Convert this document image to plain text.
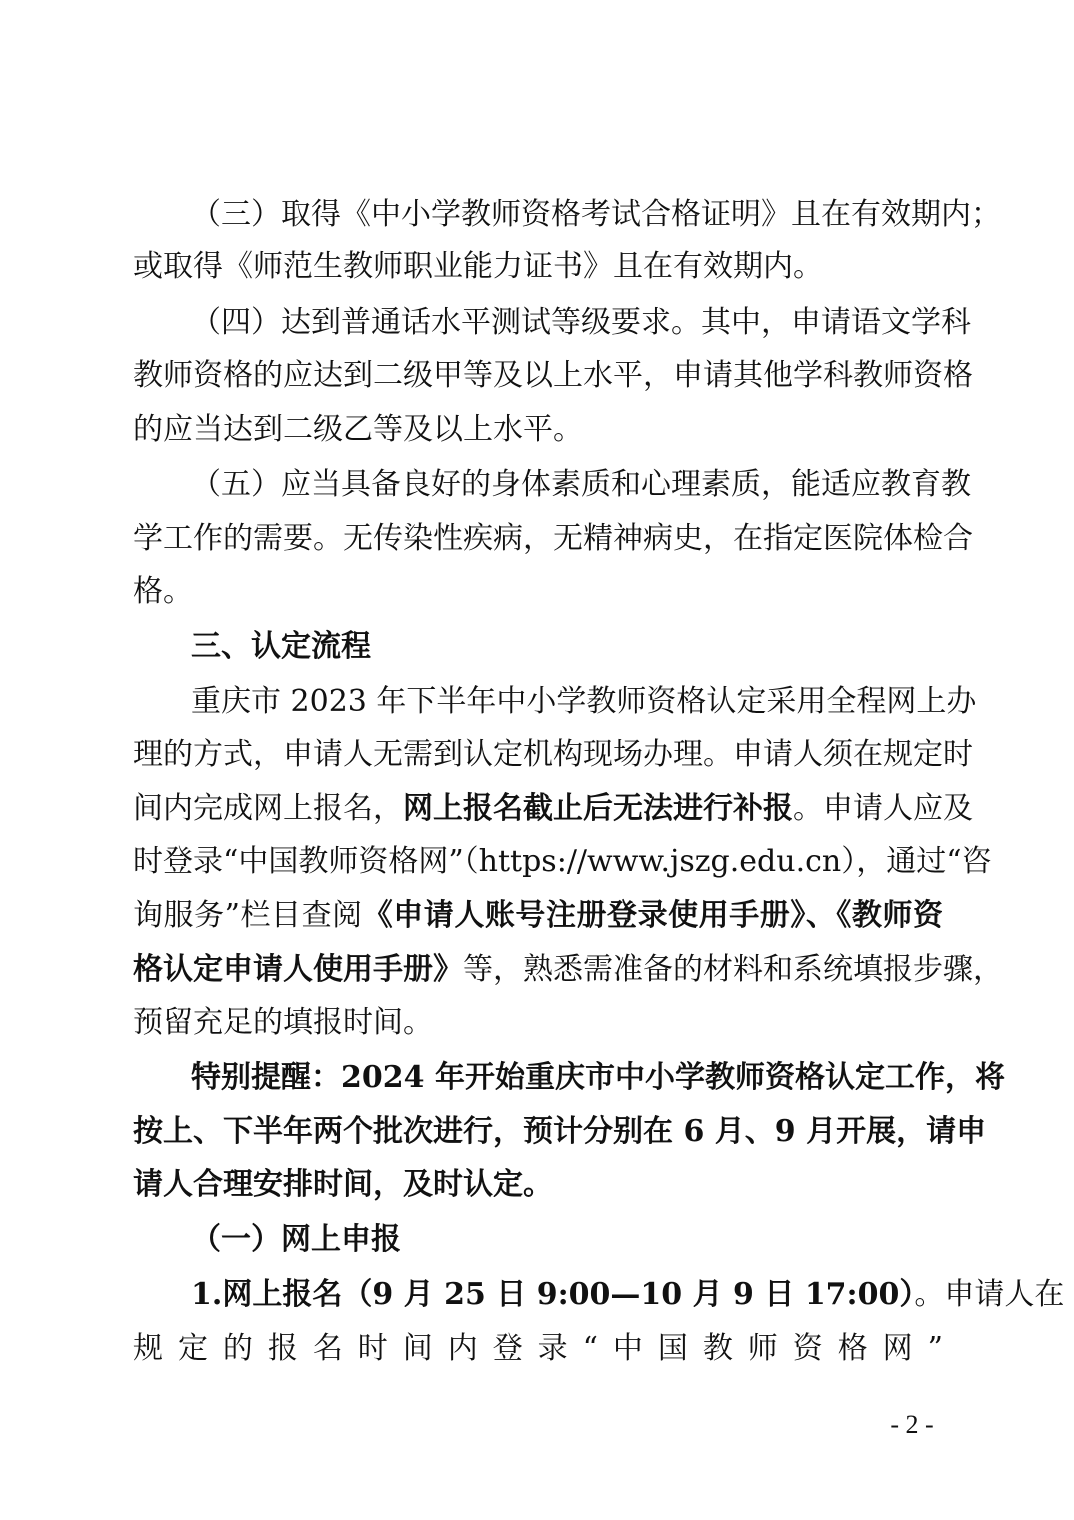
（三）取得《中小学教师资格考试合格证明》且在有效期内；
或取得《师范生教师职业能力证书》且在有效期内。
（四）达到普通话水平测试等级要求。其中，申请语文学科
教师资格的应达到二级甲等及以上水平，申请其他学科教师资格
的应当达到二级乙等及以上水平。
（五）应当具备良好的身体素质和心理素质，能适应教育教
学工作的需要。无传染性疾病，无精神病史，在指定医院体检合
格。
三、认定流程
重庆市 2023 年下半年中小学教师资格认定采用全程网上办
理的方式，申请人无需到认定机构现场办理。申请人须在规定时
间内完成网上报名，网上报名截止后无法进行补报。申请人应及
时登录“中国教师资格网”（https://www.jszg.edu.cn），通过“咨
询服务”栏目查阅《申请人账号注册登录使用手册》、《教师资
格认定申请人使用手册》等，熟悉需准备的材料和系统填报步骤，
预留充足的填报时间。
特别提醒：2024 年开始重庆市中小学教师资格认定工作，将
按上、下半年两个批次进行，预计分别在 6 月、9 月开展，请申
请人合理安排时间，及时认定。
（一）网上申报
1.网上报名（9 月 25 日 9:00—10 月 9 日 17:00）。申请人在
规定的报名时间内登录“中国教师资格网”
- 2 -
